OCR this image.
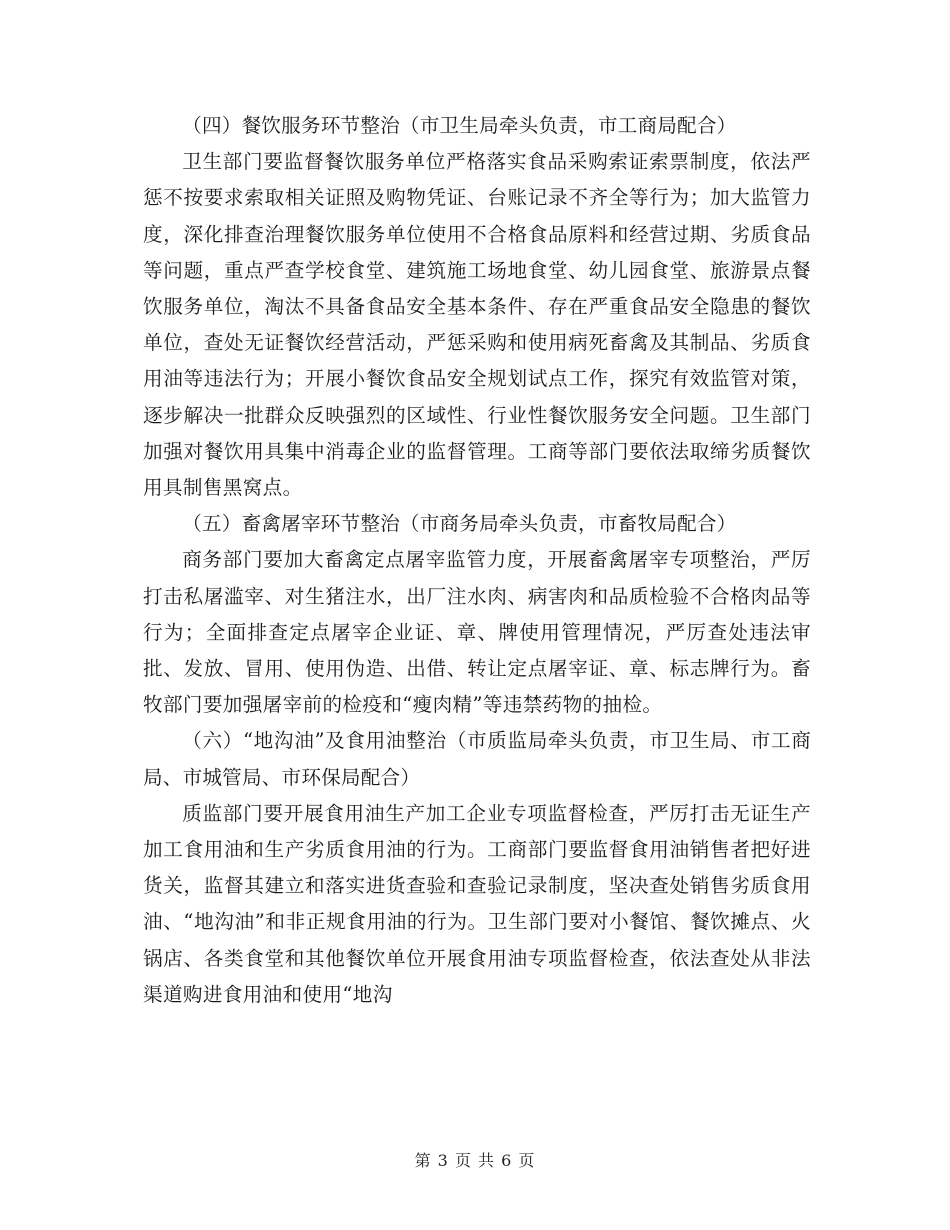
（四）餐饮服务环节整治（市卫生局牵头负责，市工商局配合）

卫生部门要监督餐饮服务单位严格落实食品采购索证索票制度，依法严惩不按要求索取相关证照及购物凭证、台账记录不齐全等行为；加大监管力度，深化排查治理餐饮服务单位使用不合格食品原料和经营过期、劣质食品等问题，重点严查学校食堂、建筑施工场地食堂、幼儿园食堂、旅游景点餐饮服务单位，淘汰不具备食品安全基本条件、存在严重食品安全隐患的餐饮单位，查处无证餐饮经营活动，严惩采购和使用病死畜禽及其制品、劣质食用油等违法行为；开展小餐饮食品安全规划试点工作，探究有效监管对策，逐步解决一批群众反映强烈的区域性、行业性餐饮服务安全问题。卫生部门加强对餐饮用具集中消毒企业的监督管理。工商等部门要依法取缔劣质餐饮用具制售黑窝点。

（五）畜禽屠宰环节整治（市商务局牵头负责，市畜牧局配合）

商务部门要加大畜禽定点屠宰监管力度，开展畜禽屠宰专项整治，严厉打击私屠滥宰、对生猪注水，出厂注水肉、病害肉和品质检验不合格肉品等行为；全面排查定点屠宰企业证、章、牌使用管理情况，严厉查处违法审批、发放、冒用、使用伪造、出借、转让定点屠宰证、章、标志牌行为。畜牧部门要加强屠宰前的检疫和“瘦肉精”等违禁药物的抽检。

（六）“地沟油”及食用油整治（市质监局牵头负责，市卫生局、市工商局、市城管局、市环保局配合）

质监部门要开展食用油生产加工企业专项监督检查，严厉打击无证生产加工食用油和生产劣质食用油的行为。工商部门要监督食用油销售者把好进货关，监督其建立和落实进货查验和查验记录制度，坚决查处销售劣质食用油、“地沟油”和非正规食用油的行为。卫生部门要对小餐馆、餐饮摊点、火锅店、各类食堂和其他餐饮单位开展食用油专项监督检查，依法查处从非法渠道购进食用油和使用“地沟

第 3 页 共 6 页
